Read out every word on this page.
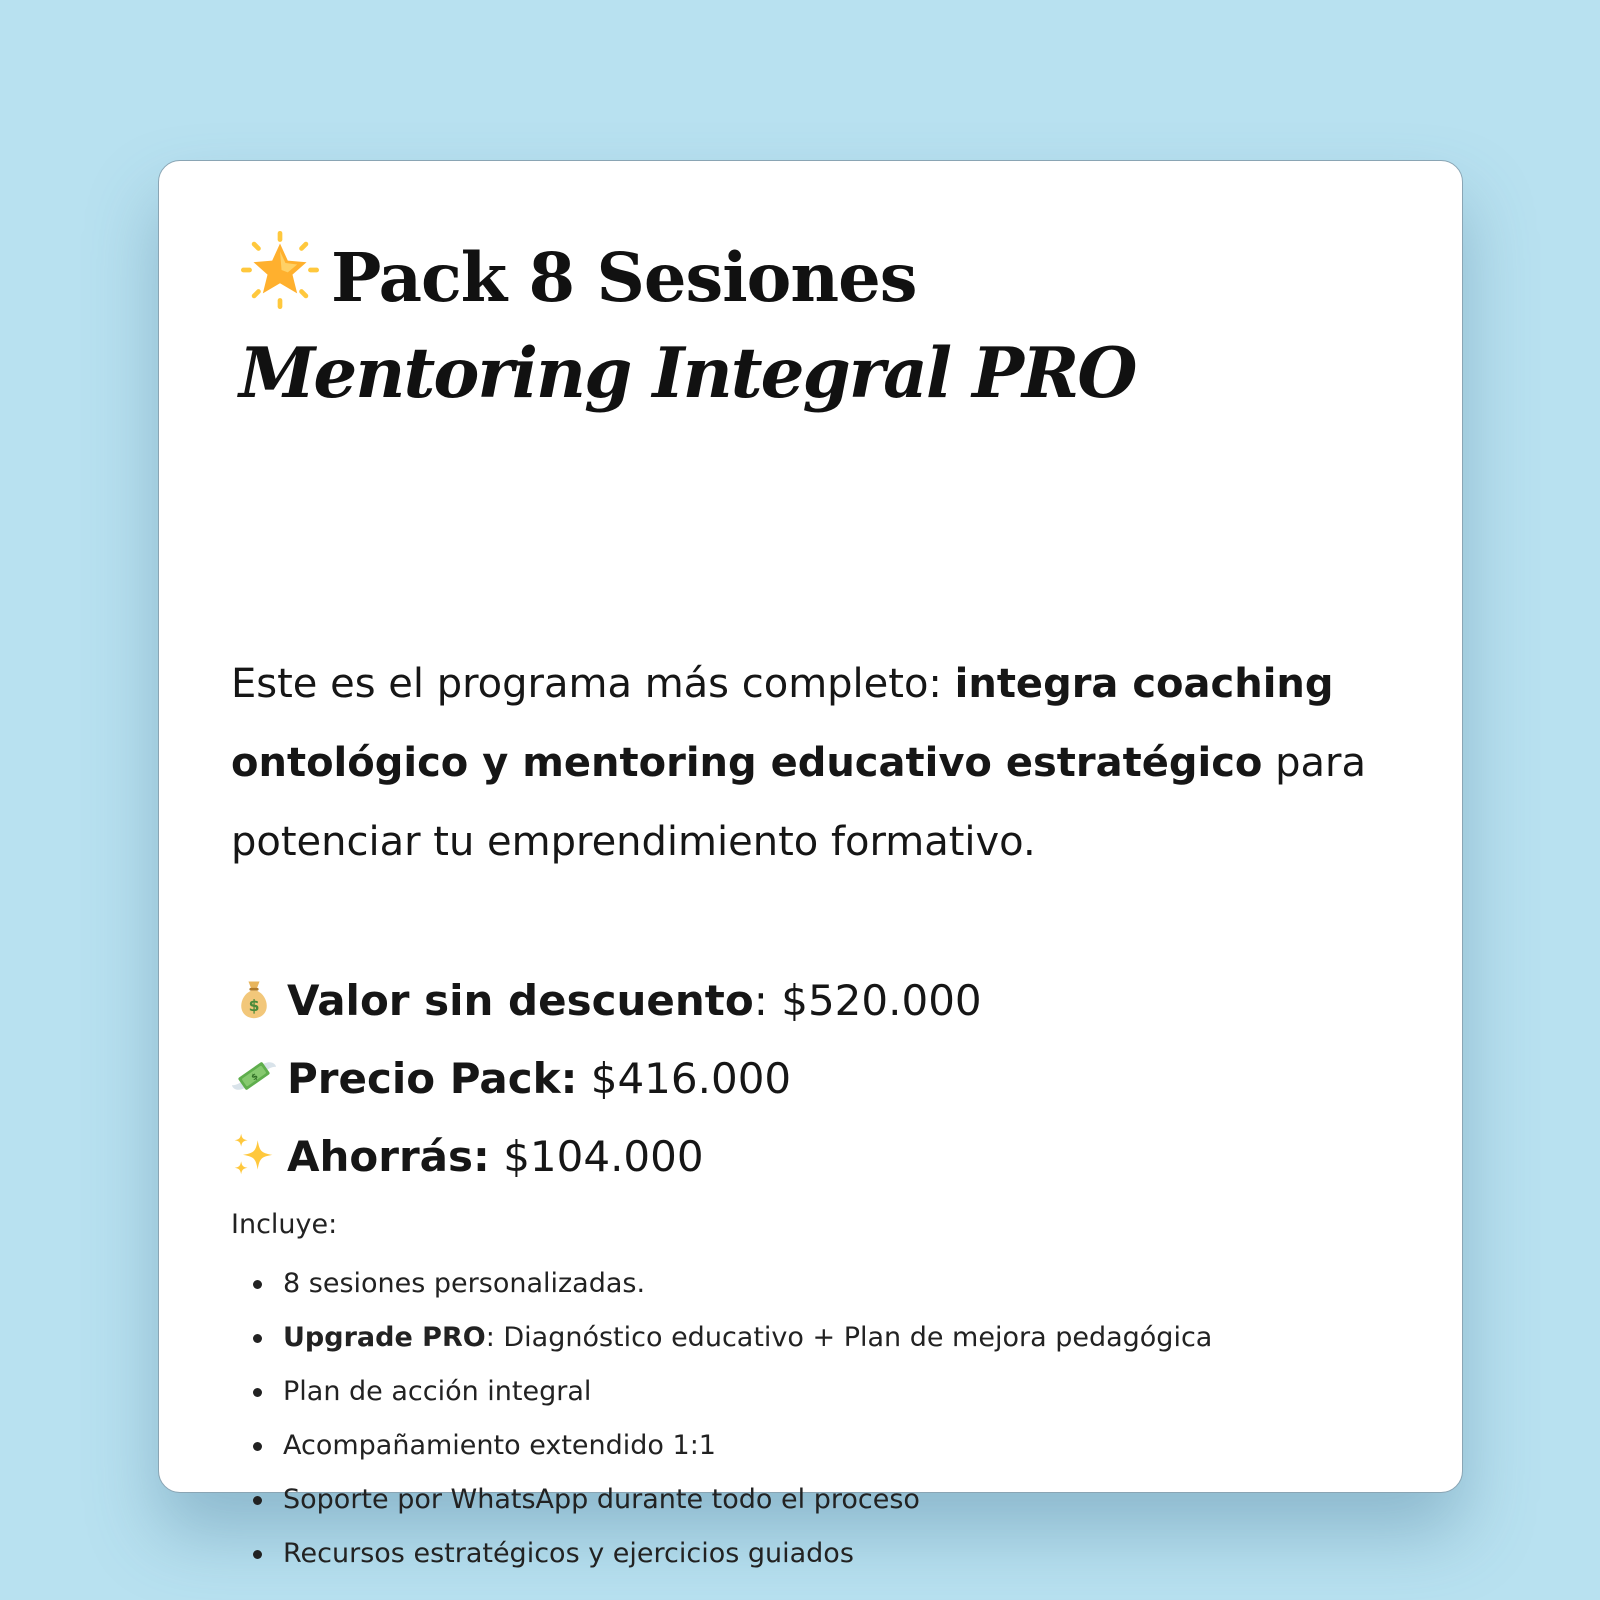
Pack 8 Sesiones
Mentoring Integral PRO

Este es el programa más completo: integra coaching ontológico y mentoring educativo estratégico para potenciar tu emprendimiento formativo.

$ Valor sin descuento: $520.000
$ Precio Pack: $416.000
Ahorrás: $104.000
Incluye:
8 sesiones personalizadas.
Upgrade PRO: Diagnóstico educativo + Plan de mejora pedagógica
Plan de acción integral
Acompañamiento extendido 1:1
Soporte por WhatsApp durante todo el proceso
Recursos estratégicos y ejercicios guiados
